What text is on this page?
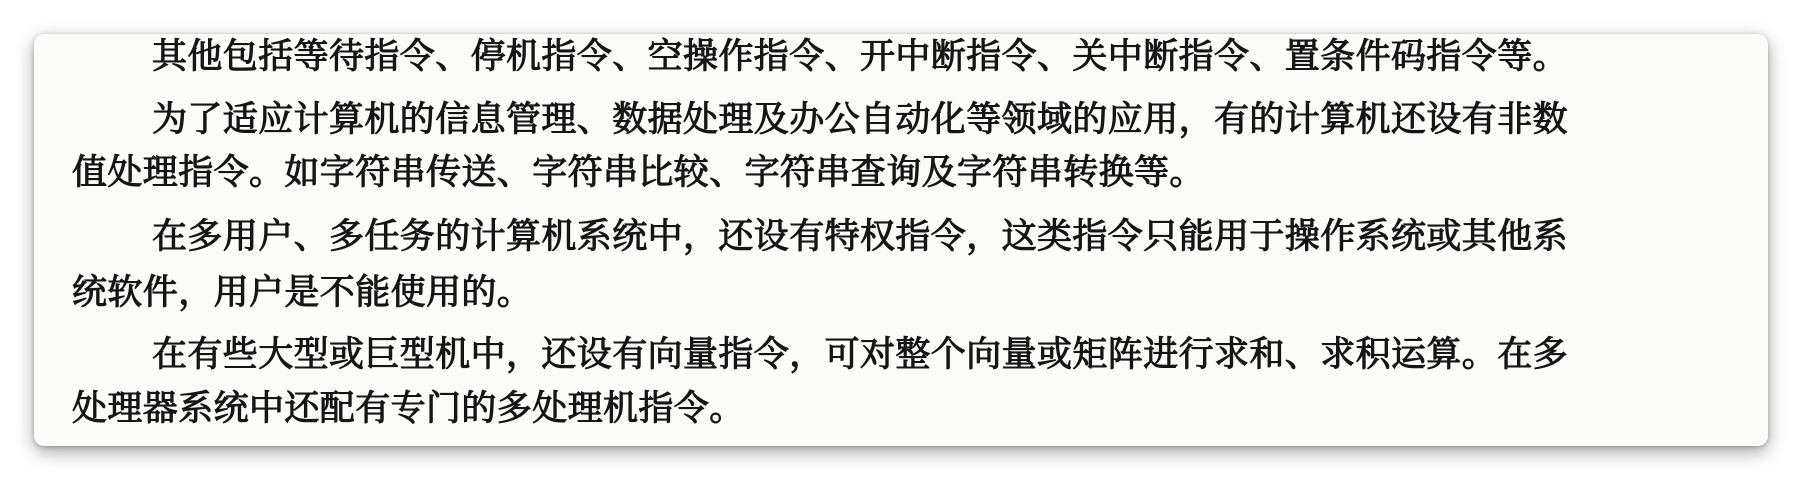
其他包括等待指令、停机指令、空操作指令、开中断指令、关中断指令、置条件码指令等。
为了适应计算机的信息管理、数据处理及办公自动化等领域的应用，有的计算机还设有非数
值处理指令。如字符串传送、字符串比较、字符串查询及字符串转换等。
在多用户、多任务的计算机系统中，还设有特权指令，这类指令只能用于操作系统或其他系
统软件，用户是不能使用的。
在有些大型或巨型机中，还设有向量指令，可对整个向量或矩阵进行求和、求积运算。在多
处理器系统中还配有专门的多处理机指令。
